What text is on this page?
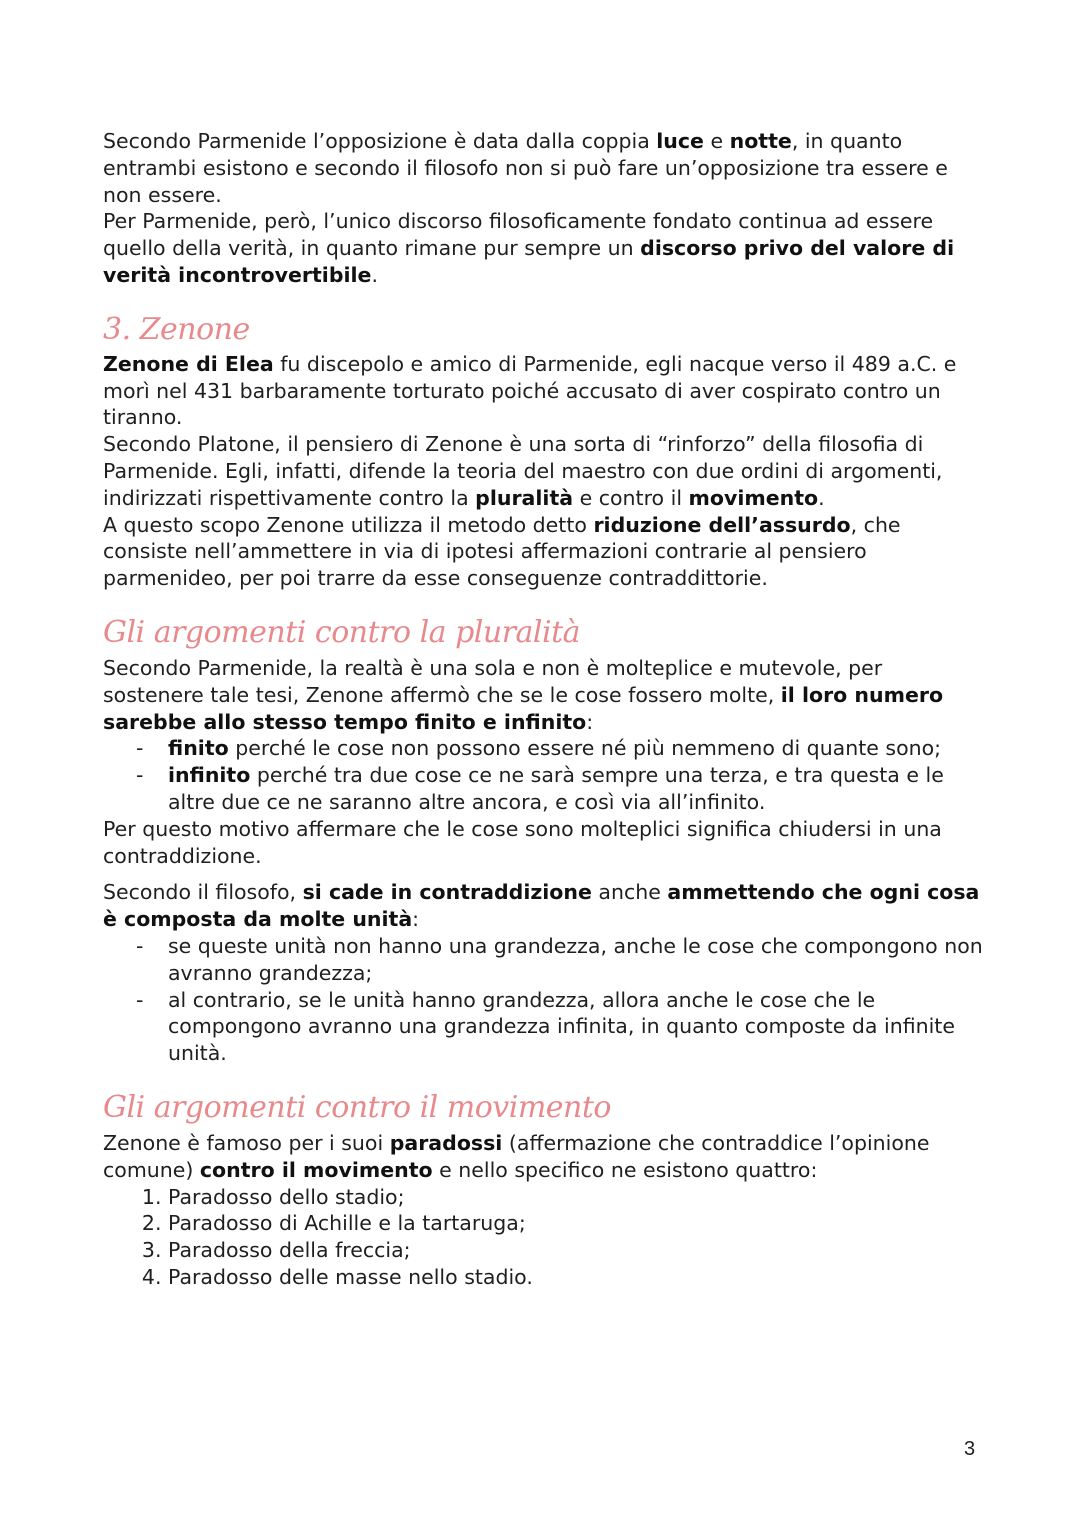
Secondo Parmenide l’opposizione è data dalla coppia luce e notte, in quanto entrambi esistono e secondo il filosofo non si può fare un’opposizione tra essere e non essere.

Per Parmenide, però, l’unico discorso filosoficamente fondato continua ad essere quello della verità, in quanto rimane pur sempre un discorso privo del valore di verità incontrovertibile.

3. Zenone

Zenone di Elea fu discepolo e amico di Parmenide, egli nacque verso il 489 a.C. e morì nel 431 barbaramente torturato poiché accusato di aver cospirato contro un tiranno.

Secondo Platone, il pensiero di Zenone è una sorta di “rinforzo” della filosofia di Parmenide. Egli, infatti, difende la teoria del maestro con due ordini di argomenti, indirizzati rispettivamente contro la pluralità e contro il movimento.

A questo scopo Zenone utilizza il metodo detto riduzione dell’assurdo, che consiste nell’ammettere in via di ipotesi affermazioni contrarie al pensiero parmenideo, per poi trarre da esse conseguenze contraddittorie.

Gli argomenti contro la pluralità

Secondo Parmenide, la realtà è una sola e non è molteplice e mutevole, per sostenere tale tesi, Zenone affermò che se le cose fossero molte, il loro numero sarebbe allo stesso tempo finito e infinito:

- finito perché le cose non possono essere né più nemmeno di quante sono;
- infinito perché tra due cose ce ne sarà sempre una terza, e tra questa e le altre due ce ne saranno altre ancora, e così via all’infinito.

Per questo motivo affermare che le cose sono molteplici significa chiudersi in una contraddizione.

Secondo il filosofo, si cade in contraddizione anche ammettendo che ogni cosa è composta da molte unità:

- se queste unità non hanno una grandezza, anche le cose che compongono non avranno grandezza;
- al contrario, se le unità hanno grandezza, allora anche le cose che le compongono avranno una grandezza infinita, in quanto composte da infinite unità.
Gli argomenti contro il movimento

Zenone è famoso per i suoi paradossi (affermazione che contraddice l’opinione comune) contro il movimento e nello specifico ne esistono quattro:

1. Paradosso dello stadio;
2. Paradosso di Achille e la tartaruga;
3. Paradosso della freccia;
4. Paradosso delle masse nello stadio.
3
